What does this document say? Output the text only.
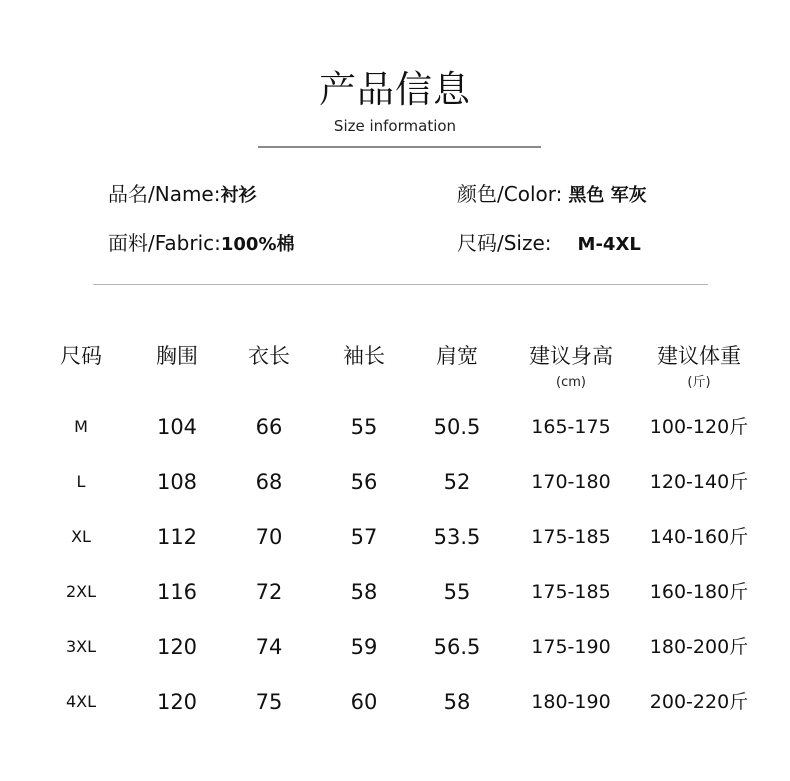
产品信息
Size information
品名/Name:衬衫	颜色/Color: 黑色 军灰
面料/Fabric:100%棉	尺码/Size: M-4XL
尺码	胸围	衣长	袖长	肩宽	建议身高	建议体重
(cm)	(斤)
M	104	66	55	50.5	165-175	100-120斤
L	108	68	56	52	170-180	120-140斤
XL	112	70	57	53.5	175-185	140-160斤
2XL	116	72	58	55	175-185	160-180斤
3XL	120	74	59	56.5	175-190	180-200斤
4XL	120	75	60	58	180-190	200-220斤
